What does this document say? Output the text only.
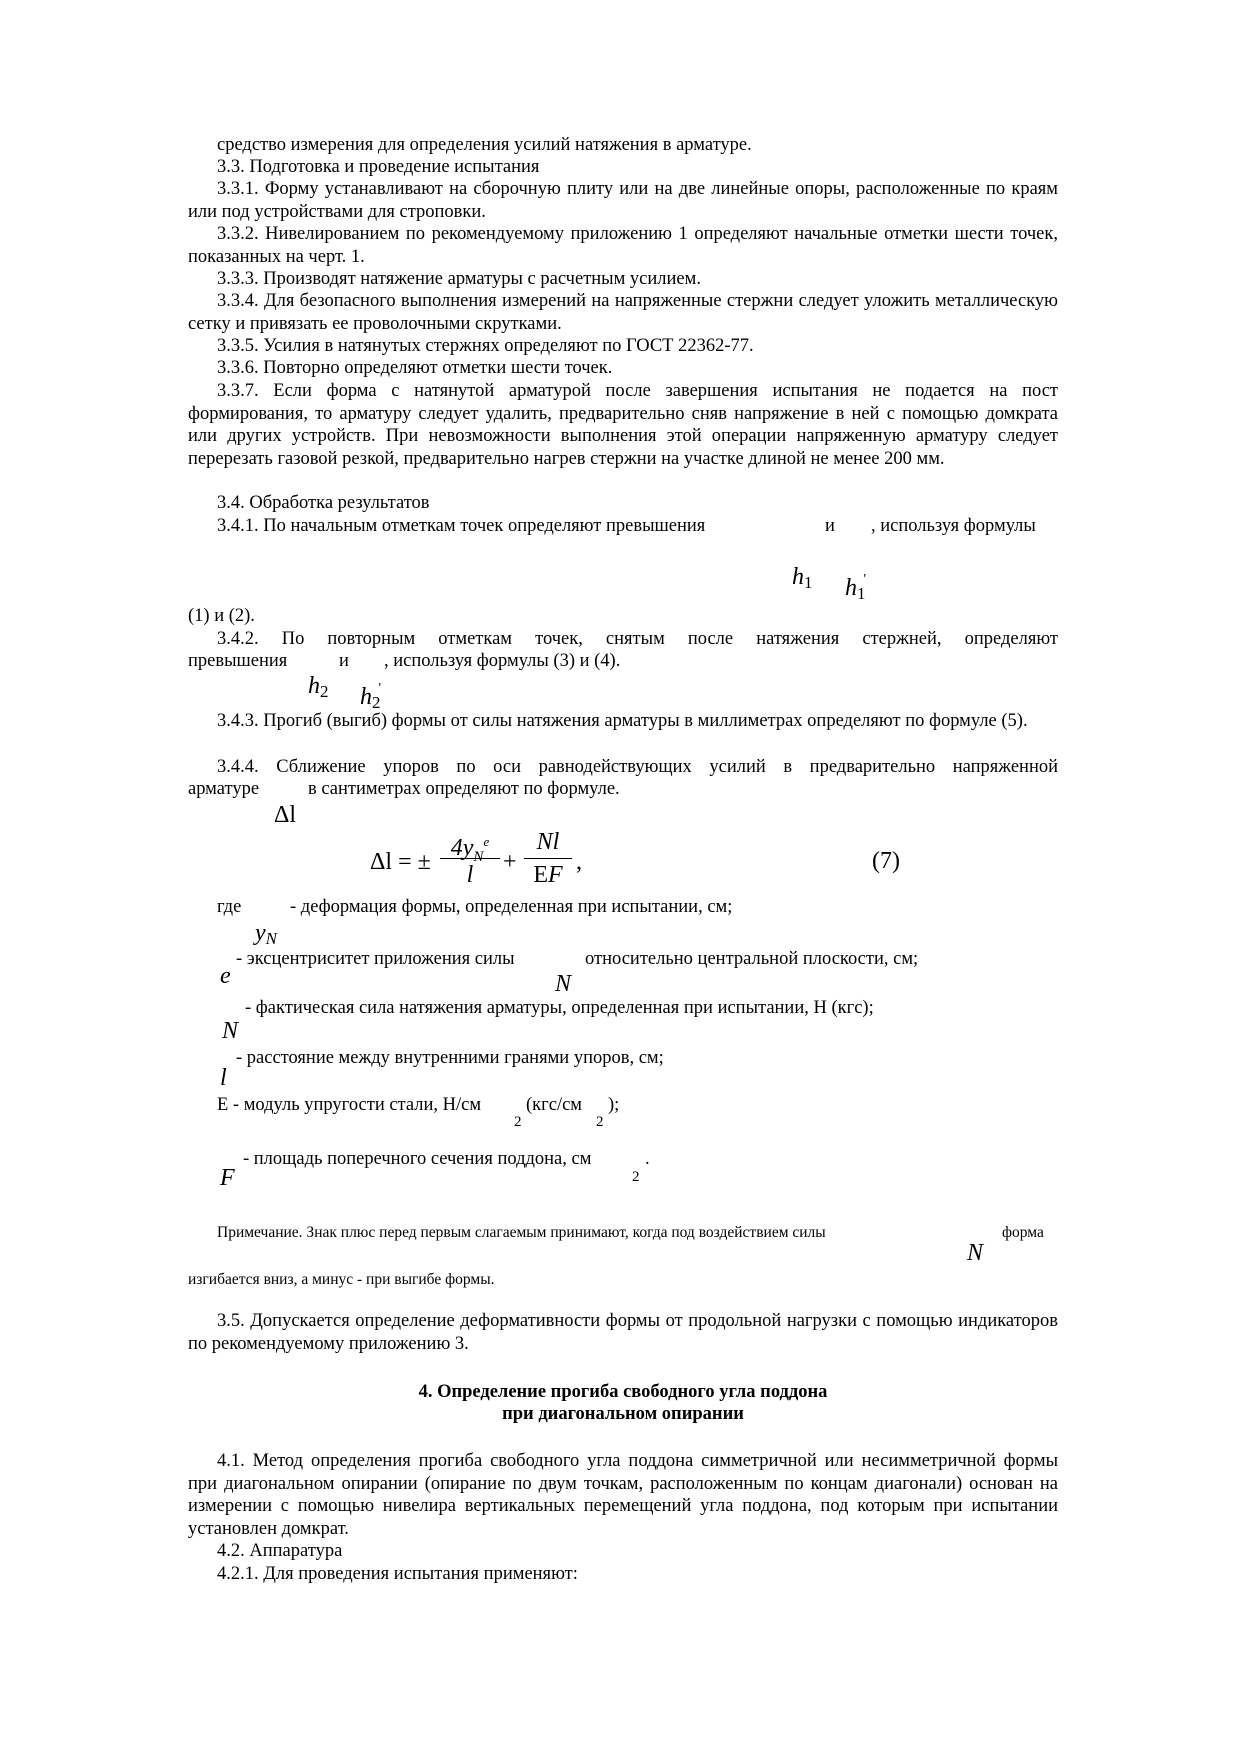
средство измерения для определения усилий натяжения в арматуре.

3.3. Подготовка и проведение испытания

3.3.1. Форму устанавливают на сборочную плиту или на две линейные опоры, расположенные по краям или под устройствами для строповки.

3.3.2. Нивелированием по рекомендуемому приложению 1 определяют начальные отметки шести точек, показанных на черт. 1.

3.3.3. Производят натяжение арматуры с расчетным усилием.

3.3.4. Для безопасного выполнения измерений на напряженные стержни следует уложить металлическую сетку и привязать ее проволочными скрутками.

3.3.5. Усилия в натянутых стержнях определяют по ГОСТ 22362-77.

3.3.6. Повторно определяют отметки шести точек.

3.3.7. Если форма с натянутой арматурой после завершения испытания не подается на пост формирования, то арматуру следует удалить, предварительно сняв напряжение в ней с помощью домкрата или других устройств. При невозможности выполнения этой операции напряженную арматуру следует перерезать газовой резкой, предварительно нагрев стержни на участке длиной не менее 200 мм.

3.4. Обработка результатов

3.4.1. По начальным отметкам точек определяют превышения	и , используя формулы
$h_1$ $h_1'$
(1) и (2).
3.4.2. По повторным отметкам точек, снятым после натяжения стержней, определяют
превышения	и , используя формулы (3) и (4).
$h_2$ $h_2'$

3.4.3. Прогиб (выгиб) формы от силы натяжения арматуры в миллиметрах определяют по формуле (5).

3.4.4. Сближение упоров по оси равнодействующих усилий в предварительно напряженной
арматуре	в сантиметрах определяют по формуле.
Δl
Δl = ±
$4y_N^e$
l	+
Nl
EF ,	(7)
где	- деформация формы, определенная при испытании, см;
$y_N$
- эксцентриситет приложения силы	относительно центральной плоскости, см;
e	N
- фактическая сила натяжения арматуры, определенная при испытании, Н (кгс);
N
- расстояние между внутренними гранями упоров, см;
l
Е - модуль упругости стали, Н/см
2
(кгс/см
2
);
- площадь поперечного сечения поддона, см
2
.
F
Примечание. Знак плюс перед первым слагаемым принимают, когда под воздействием силы	форма
N
изгибается вниз, а минус - при выгибе формы.

3.5. Допускается определение деформативности формы от продольной нагрузки с помощью индикаторов по рекомендуемому приложению 3.

4. Определение прогиба свободного угла поддона

при диагональном опирании

4.1. Метод определения прогиба свободного угла поддона симметричной или несимметричной формы при диагональном опирании (опирание по двум точкам, расположенным по концам диагонали) основан на измерении с помощью нивелира вертикальных перемещений угла поддона, под которым при испытании установлен домкрат.

4.2. Аппаратура

4.2.1. Для проведения испытания применяют:
